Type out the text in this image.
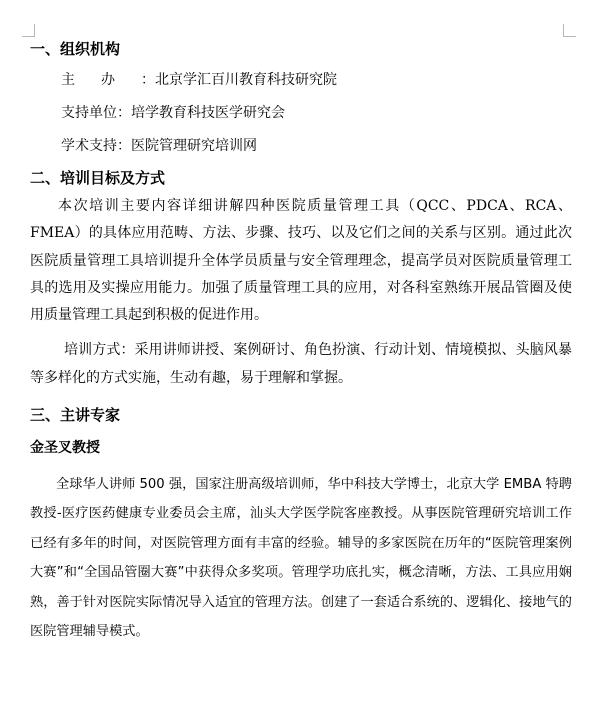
一、组织机构
主办：北京学汇百川教育科技研究院
支持单位：培学教育科技医学研究会
学术支持：医院管理研究培训网
二、培训目标及方式

本次培训主要内容详细讲解四种医院质量管理工具（QCC、PDCA、RCA、FMEA）的具体应用范畴、方法、步骤、技巧、以及它们之间的关系与区别。通过此次医院质量管理工具培训提升全体学员质量与安全管理理念，提高学员对医院质量管理工具的选用及实操应用能力。加强了质量管理工具的应用，对各科室熟练开展品管圈及使用质量管理工具起到积极的促进作用。

培训方式：采用讲师讲授、案例研讨、角色扮演、行动计划、情境模拟、头脑风暴等多样化的方式实施，生动有趣，易于理解和掌握。

三、主讲专家
金圣叉教授

全球华人讲师 500 强，国家注册高级培训师，华中科技大学博士，北京大学 EMBA 特聘教授-医疗医药健康专业委员会主席，汕头大学医学院客座教授。从事医院管理研究培训工作已经有多年的时间，对医院管理方面有丰富的经验。辅导的多家医院在历年的“医院管理案例大赛”和“全国品管圈大赛”中获得众多奖项。管理学功底扎实，概念清晰，方法、工具应用娴熟，善于针对医院实际情况导入适宜的管理方法。创建了一套适合系统的、逻辑化、接地气的医院管理辅导模式。
